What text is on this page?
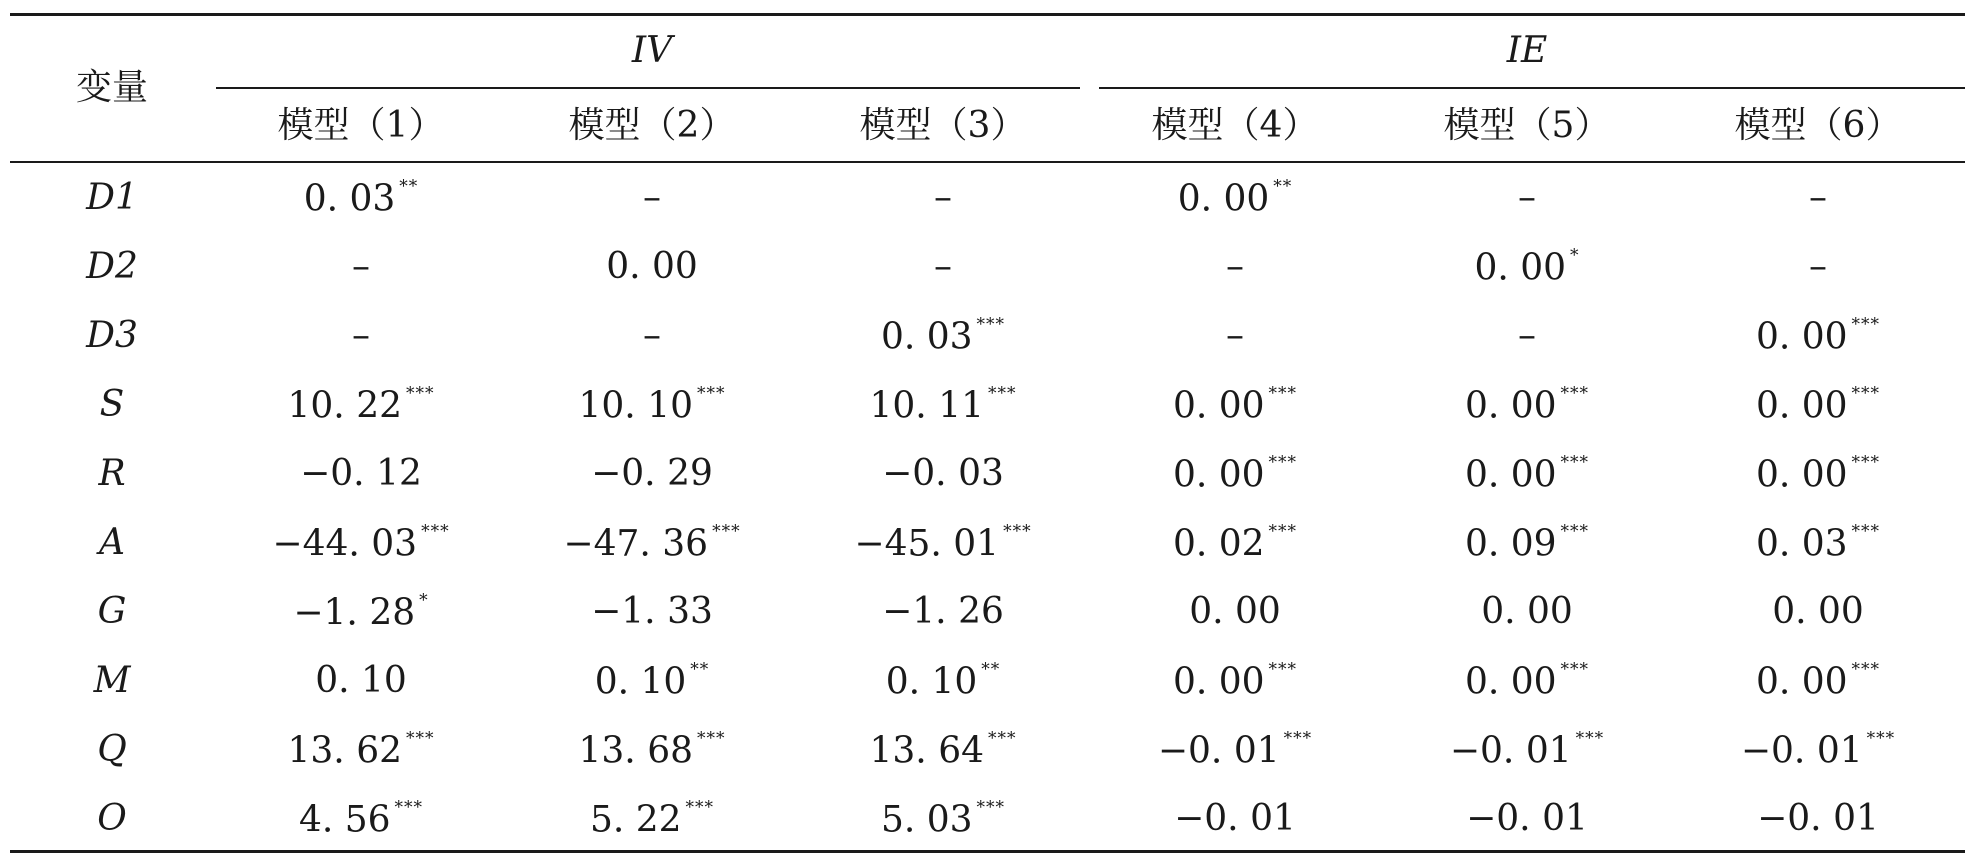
变量
IV	IE
模型（1）	模型（2）	模型（3）	模型（4）	模型（5）	模型（6）
D1	0. 03 **	–	–	0. 00 **	–	–
D2	–	0. 00	–	–	0. 00 *	–
D3	–	–	0. 03 ***	–	–	0. 00 ***
S	10. 22 ***	10. 10 ***	10. 11 ***	0. 00 ***	0. 00 ***	0. 00 ***
R	−0. 12	−0. 29	−0. 03	0. 00 ***	0. 00 ***	0. 00 ***
A	−44. 03 ***	−47. 36 ***	−45. 01 ***	0. 02 ***	0. 09 ***	0. 03 ***
G	−1. 28 *	−1. 33	−1. 26	0. 00	0. 00	0. 00
M	0. 10	0. 10 **	0. 10 **	0. 00 ***	0. 00 ***	0. 00 ***
Q	13. 62 ***	13. 68 ***	13. 64 ***	−0. 01 ***	−0. 01 ***	−0. 01 ***
O	4. 56 ***	5. 22 ***	5. 03 ***	−0. 01	−0. 01	−0. 01
